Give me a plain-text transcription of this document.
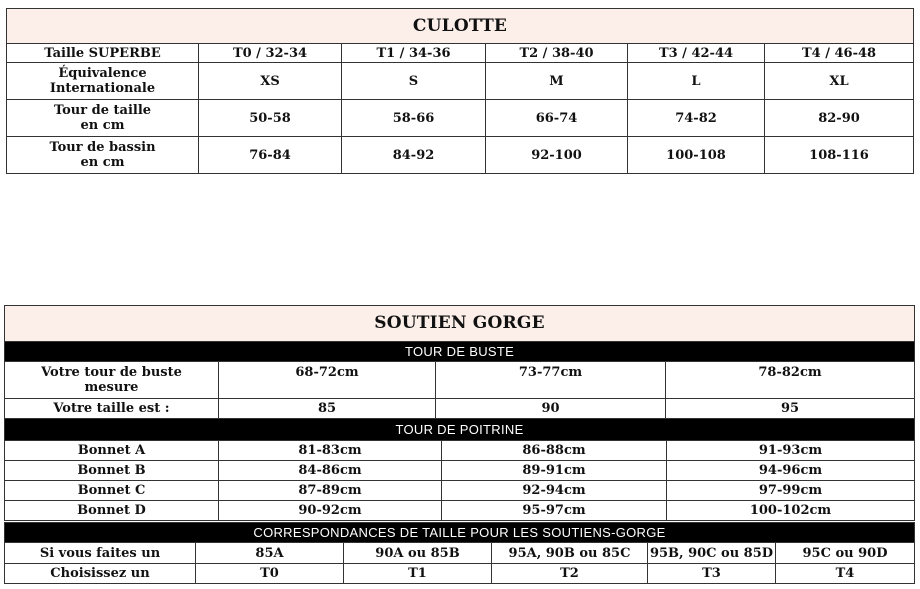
CULOTTE					
Taille SUPERBE	T0 / 32-34	T1 / 34-36	T2 / 38-40	T3 / 42-44	T4 / 46-48

Équivalence
Internationale	XS	S	M	L	XL

Tour de taille
en cm	50-58	58-66	66-74	74-82	82-90

Tour de bassin
en cm	76-84	84-92	92-100	100-108	108-116
SOUTIEN GORGE			
TOUR DE BUSTE			

Votre tour de buste
mesure	68-72cm	73-77cm	78-82cm
Votre taille est :	85	90	95
TOUR DE POITRINE			
Bonnet A	81-83cm	86-88cm	91-93cm
Bonnet B	84-86cm	89-91cm	94-96cm
Bonnet C	87-89cm	92-94cm	97-99cm
Bonnet D	90-92cm	95-97cm	100-102cm
CORRESPONDANCES DE TAILLE POUR LES SOUTIENS-GORGE					
Si vous faites un	85A	90A ou 85B	95A, 90B ou 85C	95B, 90C ou 85D	95C ou 90D
Choisissez un	T0	T1	T2	T3	T4
